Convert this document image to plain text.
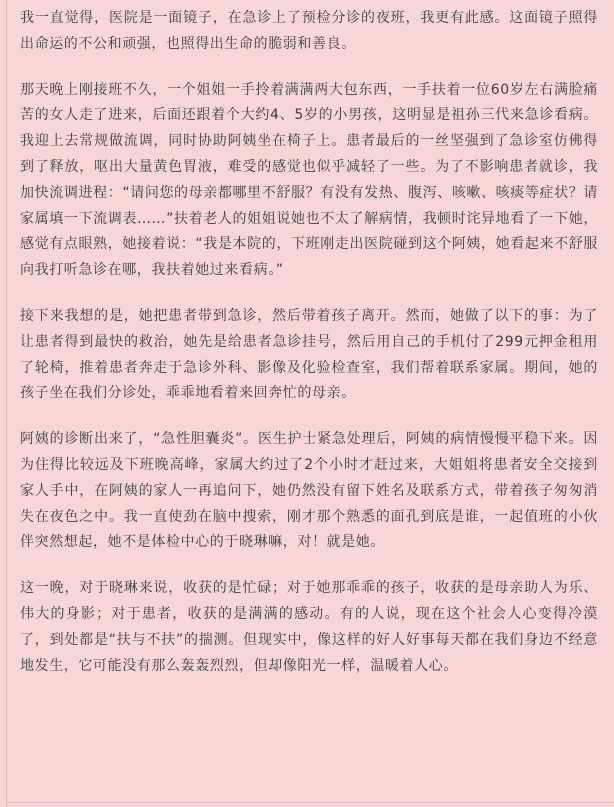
我一直觉得，医院是一面镜子，在急诊上了预检分诊的夜班，我更有此感。这面镜子照得出命运的不公和顽强，也照得出生命的脆弱和善良。

那天晚上刚接班不久，一个姐姐一手拎着满满两大包东西，一手扶着一位60岁左右满脸痛苦的女人走了进来，后面还跟着个大约4、5岁的小男孩，这明显是祖孙三代来急诊看病。我迎上去常规做流调，同时协助阿姨坐在椅子上。患者最后的一丝坚强到了急诊室仿佛得到了释放，呕出大量黄色胃液，难受的感觉也似乎减轻了一些。为了不影响患者就诊，我加快流调进程：“请问您的母亲都哪里不舒服？有没有发热、腹泻、咳嗽、咳痰等症状？请家属填一下流调表……”扶着老人的姐姐说她也不太了解病情，我顿时诧异地看了一下她，感觉有点眼熟，她接着说：“我是本院的，下班刚走出医院碰到这个阿姨，她看起来不舒服向我打听急诊在哪，我扶着她过来看病。”

接下来我想的是，她把患者带到急诊，然后带着孩子离开。然而，她做了以下的事：为了让患者得到最快的救治，她先是给患者急诊挂号，然后用自己的手机付了299元押金租用了轮椅，推着患者奔走于急诊外科、影像及化验检查室，我们帮着联系家属。期间，她的孩子坐在我们分诊处，乖乖地看着来回奔忙的母亲。

阿姨的诊断出来了，“急性胆囊炎”。医生护士紧急处理后，阿姨的病情慢慢平稳下来。因为住得比较远及下班晚高峰，家属大约过了2个小时才赶过来，大姐姐将患者安全交接到家人手中，在阿姨的家人一再追问下，她仍然没有留下姓名及联系方式，带着孩子匆匆消失在夜色之中。我一直使劲在脑中搜索，刚才那个熟悉的面孔到底是谁，一起值班的小伙伴突然想起，她不是体检中心的于晓琳嘛，对！就是她。

这一晚，对于晓琳来说，收获的是忙碌；对于她那乖乖的孩子，收获的是母亲助人为乐、伟大的身影；对于患者，收获的是满满的感动。有的人说，现在这个社会人心变得冷漠了，到处都是“扶与不扶”的揣测。但现实中，像这样的好人好事每天都在我们身边不经意地发生，它可能没有那么轰轰烈烈，但却像阳光一样，温暖着人心。
